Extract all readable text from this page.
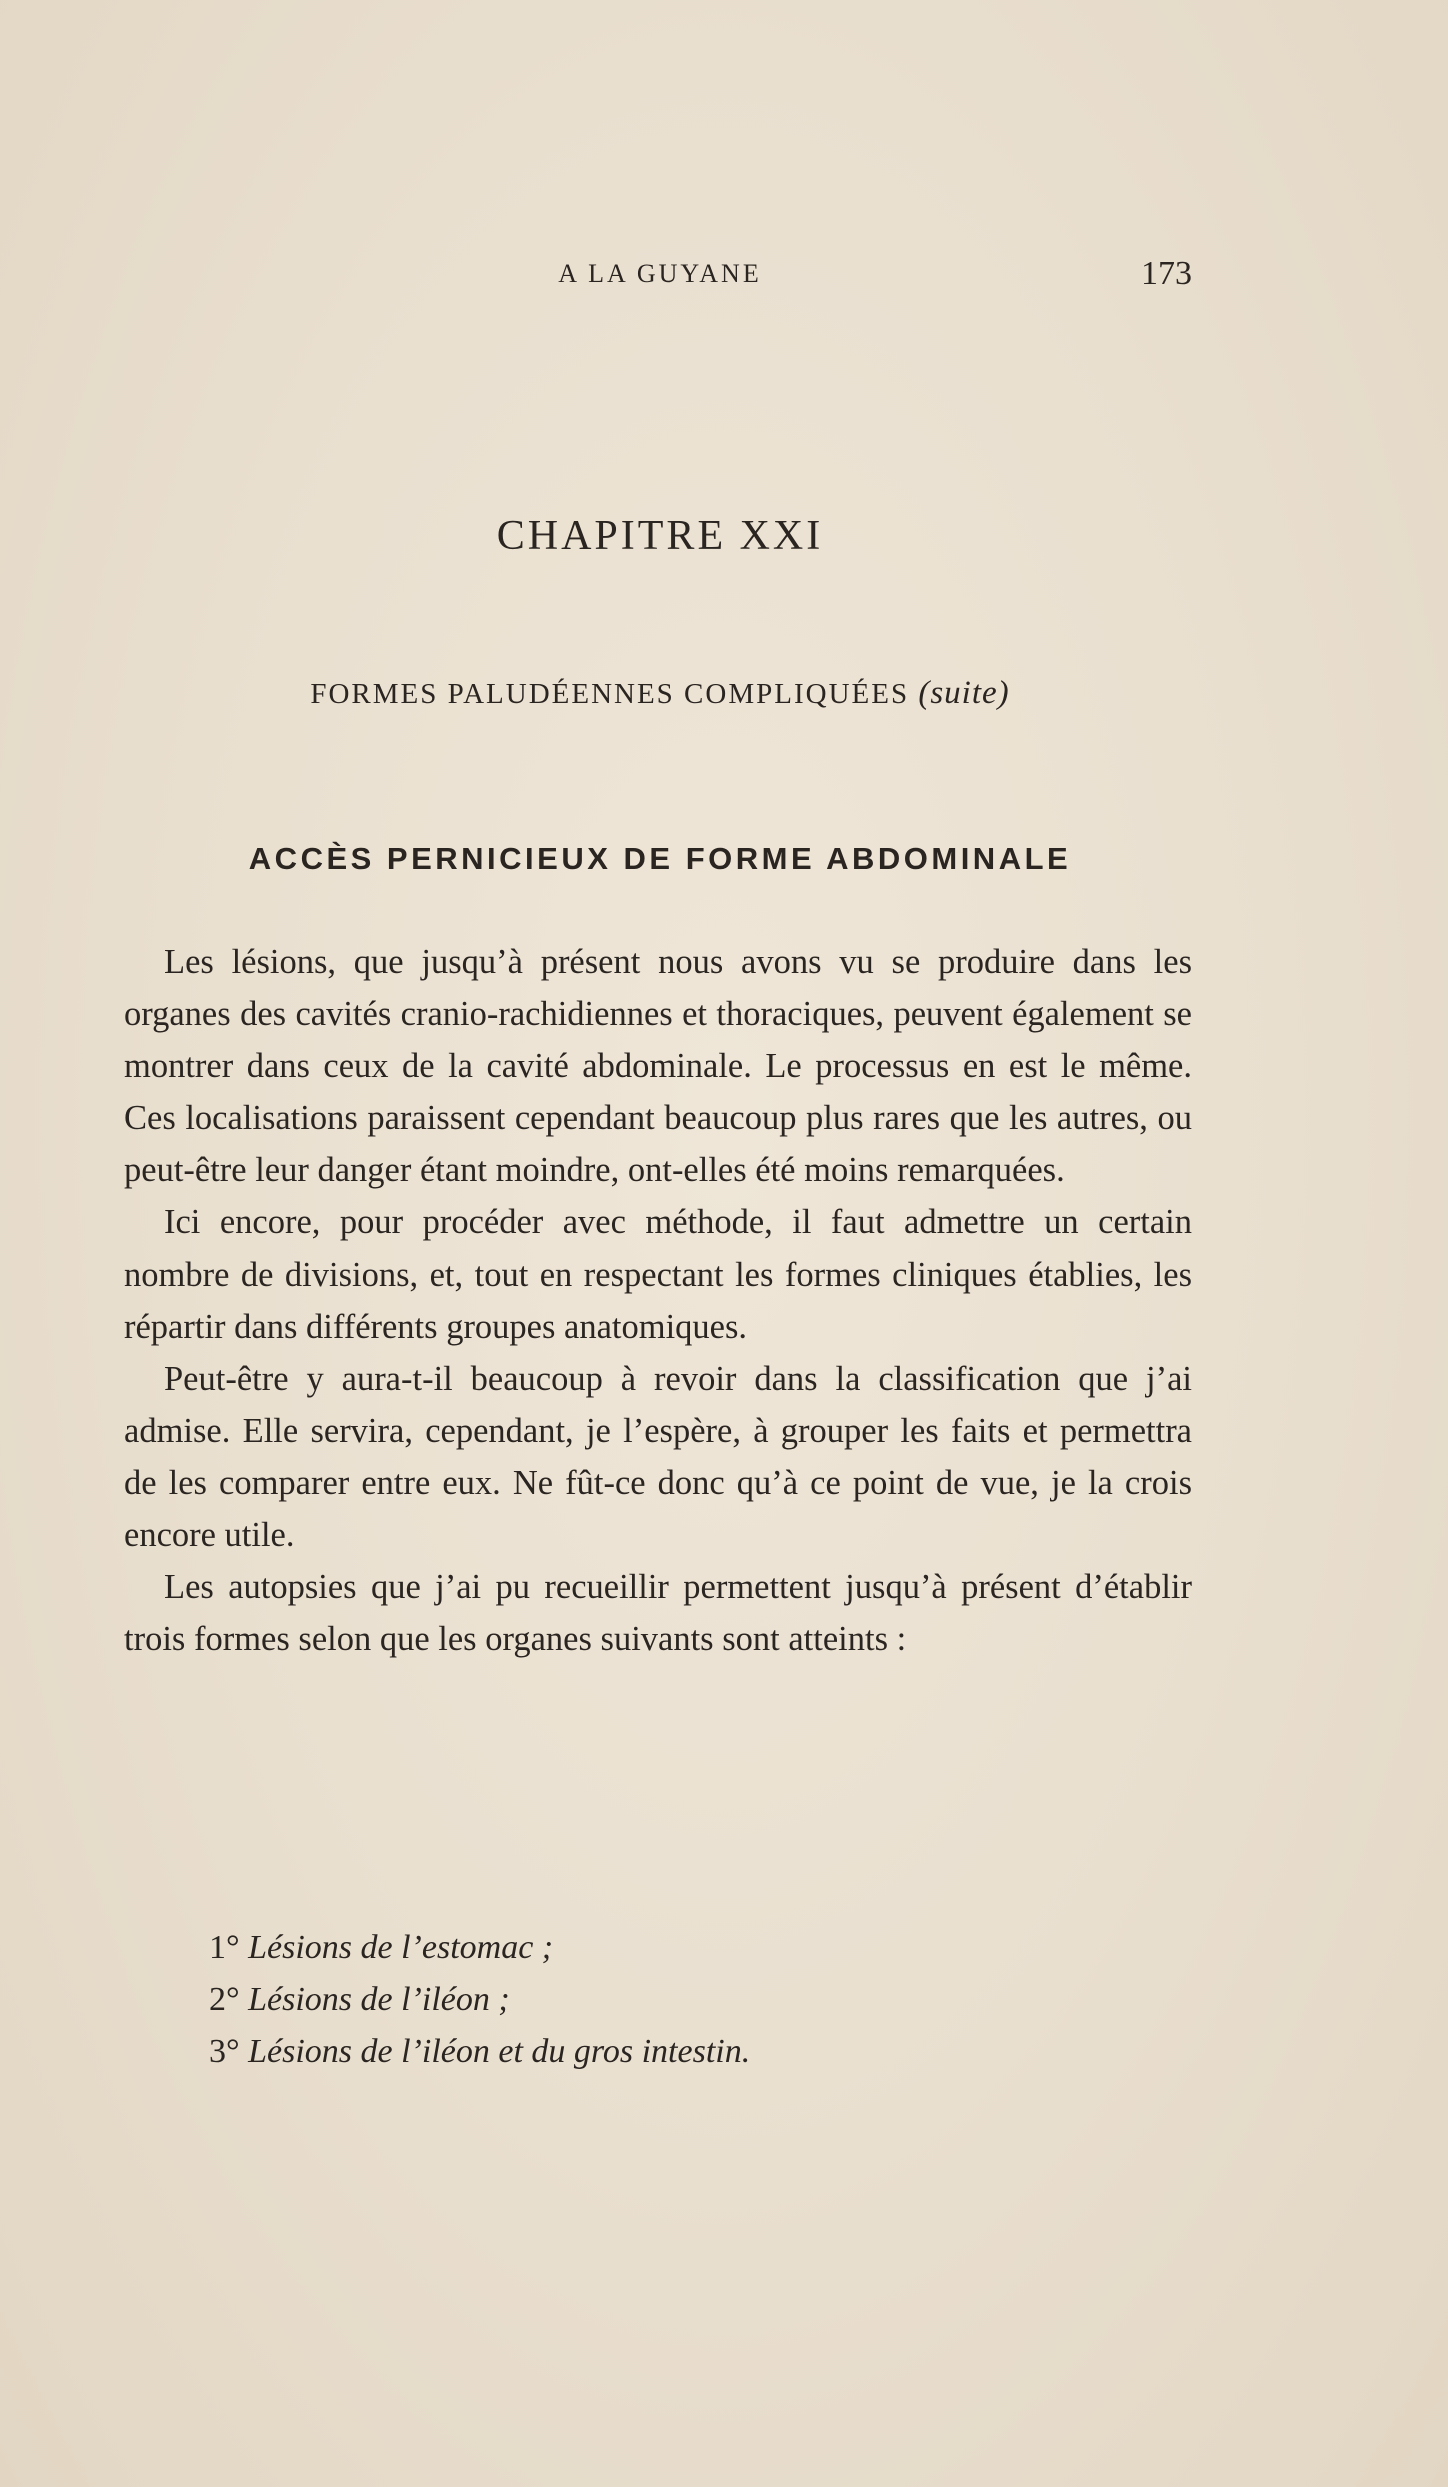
A LA GUYANE	173
CHAPITRE XXI
FORMES PALUDÉENNES COMPLIQUÉES (suite)
ACCÈS PERNICIEUX DE FORME ABDOMINALE

Les lésions, que jusqu’à présent nous avons vu se produire dans les organes des cavités cranio-rachidiennes et thoraciques, peuvent également se montrer dans ceux de la cavité abdominale. Le processus en est le même. Ces localisations paraissent cependant beaucoup plus rares que les autres, ou peut-être leur danger étant moindre, ont-elles été moins remarquées.

Ici encore, pour procéder avec méthode, il faut admettre un certain nombre de divisions, et, tout en respectant les formes cliniques établies, les répartir dans différents groupes anatomiques.

Peut-être y aura-t-il beaucoup à revoir dans la classification que j’ai admise. Elle servira, cependant, je l’espère, à grouper les faits et permettra de les comparer entre eux. Ne fût-ce donc qu’à ce point de vue, je la crois encore utile.

Les autopsies que j’ai pu recueillir permettent jusqu’à présent d’établir trois formes selon que les organes suivants sont atteints :

1° Lésions de l’estomac ;
2° Lésions de l’iléon ;
3° Lésions de l’iléon et du gros intestin.
